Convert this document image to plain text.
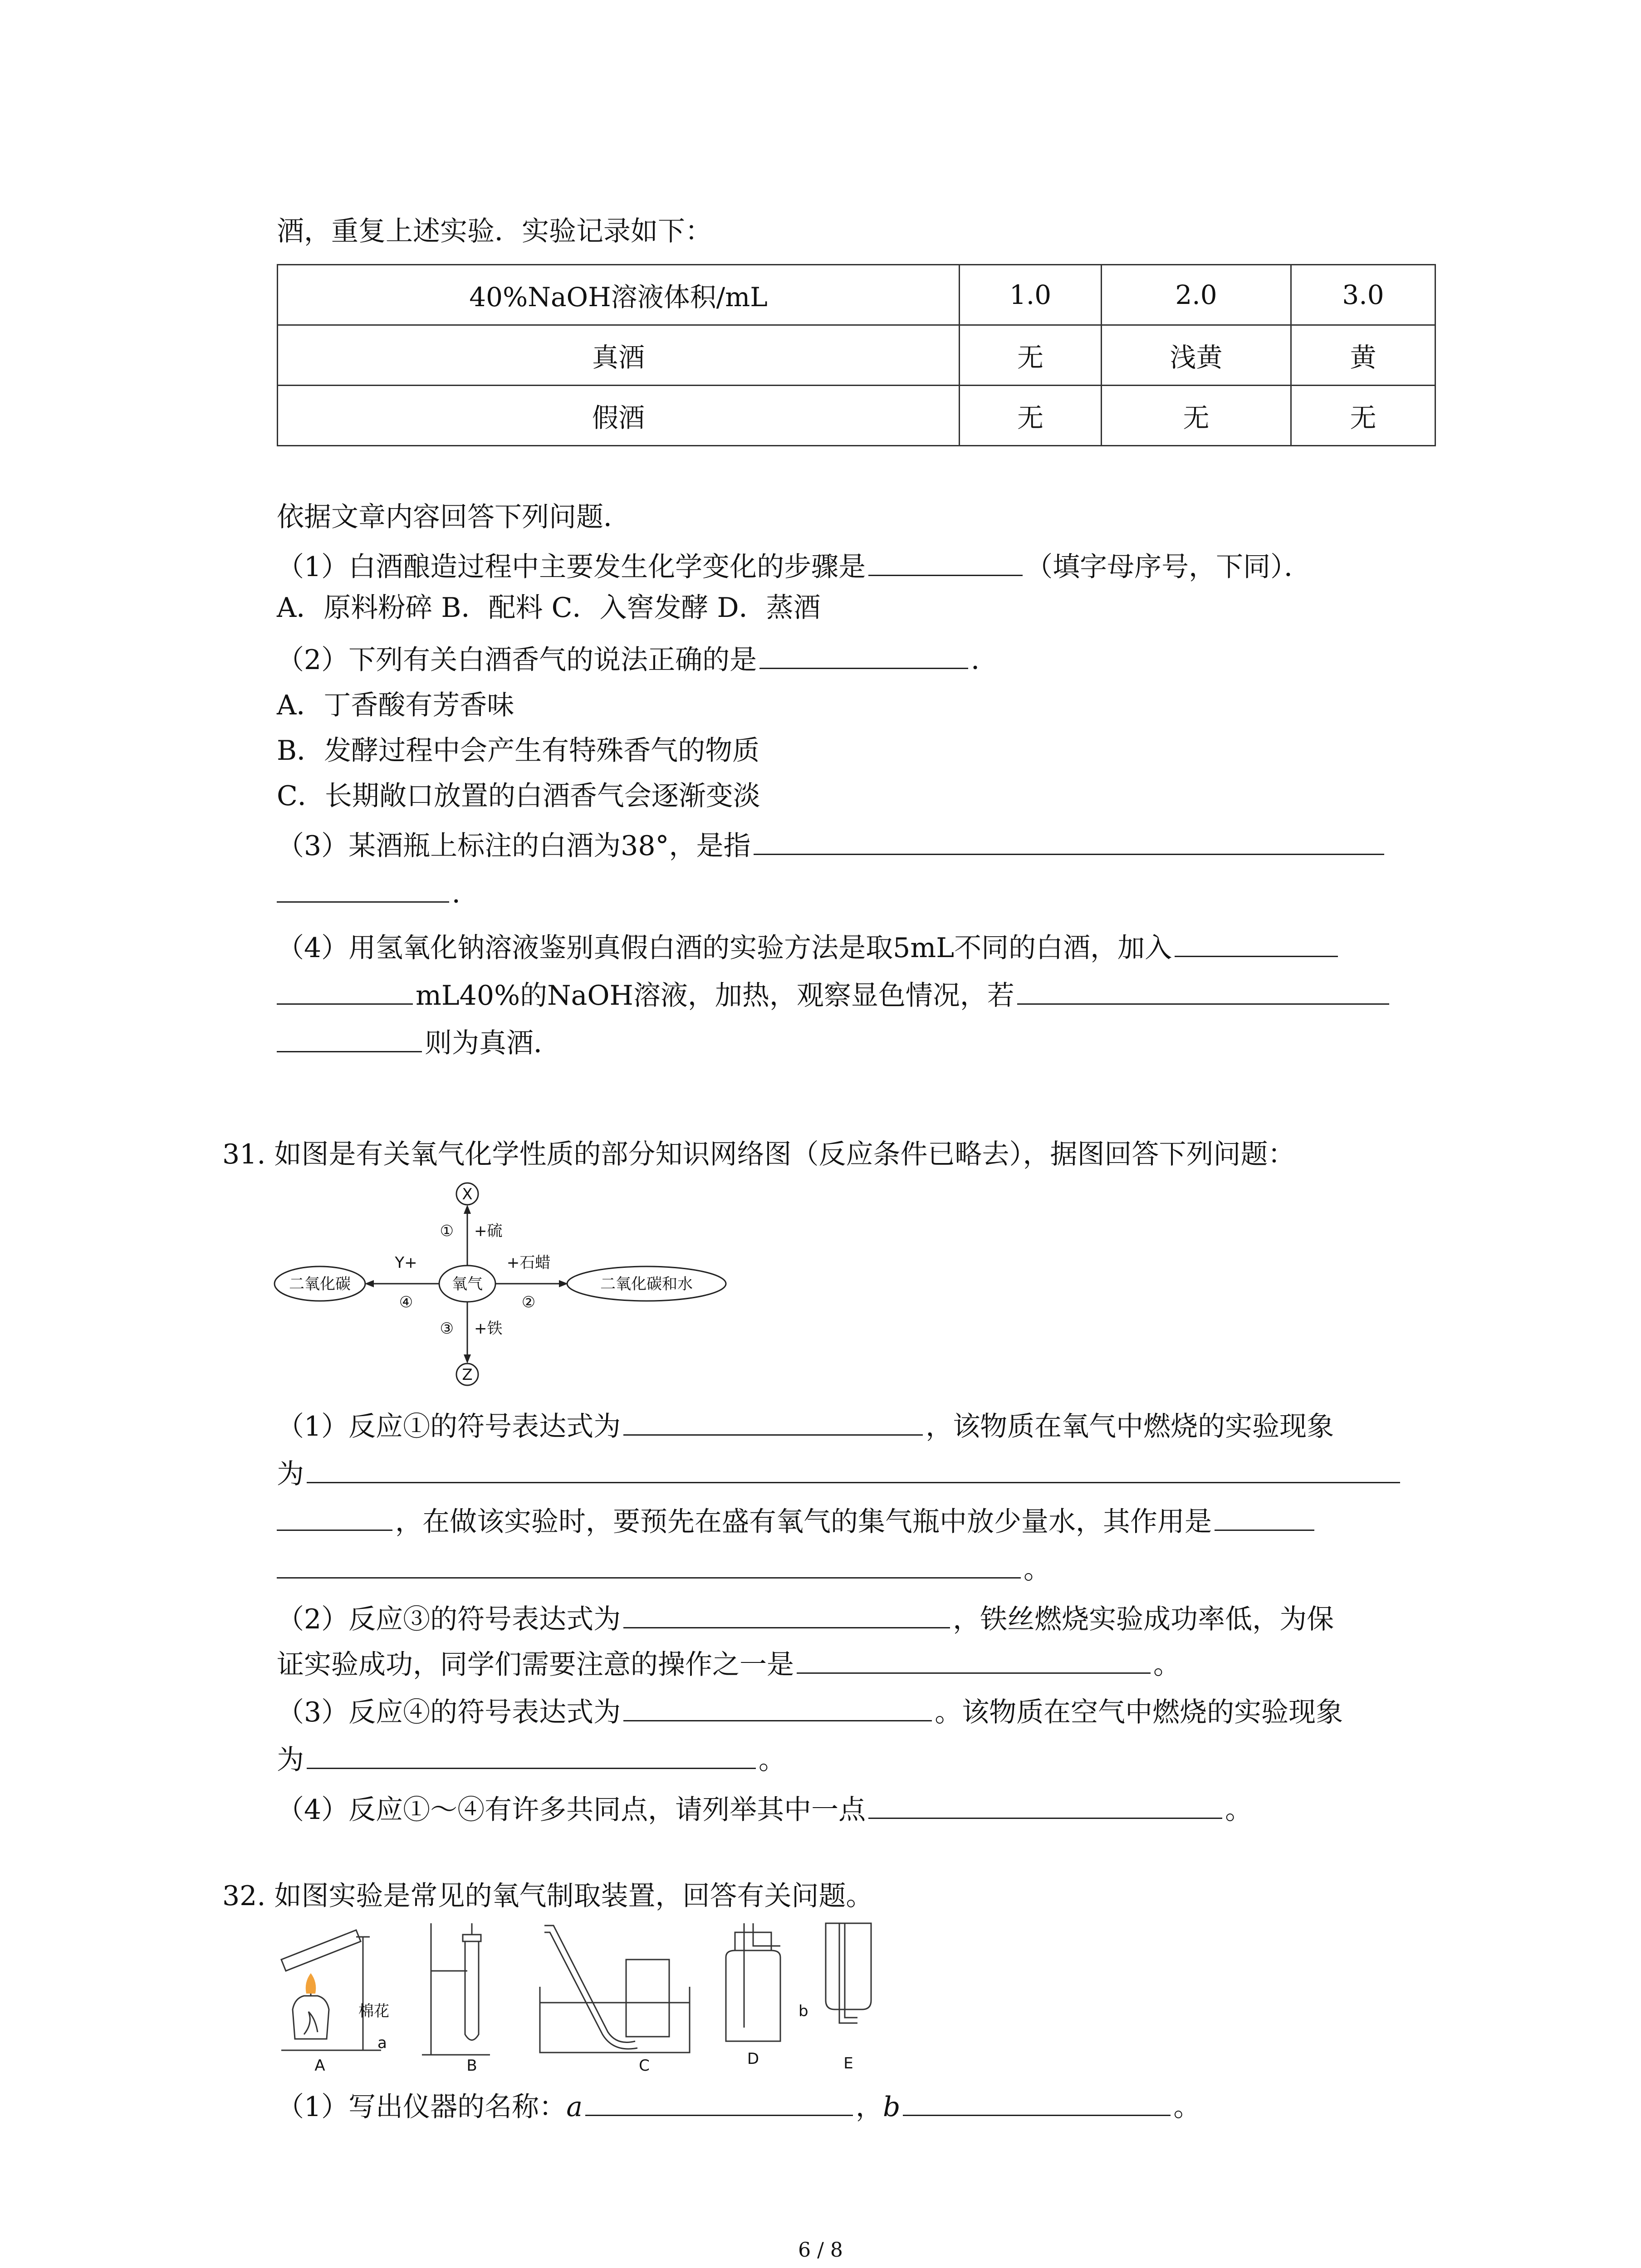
酒，重复上述实验．实验记录如下：
40%NaOH溶液体积/mL	1.0	2.0	3.0
真酒	无	浅黄	黄
假酒	无	无	无
依据文章内容回答下列问题．
（1）白酒酿造过程中主要发生化学变化的步骤是	（填字母序号，下同）．
A．原料粉碎 B．配料 C．入窖发酵 D．蒸酒
（2）下列有关白酒香气的说法正确的是	．
A．丁香酸有芳香味
B．发酵过程中会产生有特殊香气的物质
C．长期敞口放置的白酒香气会逐渐变淡
（3）某酒瓶上标注的白酒为38°，是指
．
（4）用氢氧化钠溶液鉴别真假白酒的实验方法是取5mL不同的白酒，加入
mL40%的NaOH溶液，加热，观察显色情况，若
则为真酒．
31. 如图是有关氧气化学性质的部分知识网络图（反应条件已略去），据图回答下列问题：
X
Z
氧气
二氧化碳	二氧化碳和水
① +硫
+石蜡
②
③ +铁
Y+
④
（1）反应①的符号表达式为	，该物质在氧气中燃烧的实验现象
为
，在做该实验时，要预先在盛有氧气的集气瓶中放少量水，其作用是
。
（2）反应③的符号表达式为	，铁丝燃烧实验成功率低，为保
证实验成功，同学们需要注意的操作之一是	。
（3）反应④的符号表达式为	。该物质在空气中燃烧的实验现象
为	。
（4）反应①～④有许多共同点，请列举其中一点	。
32. 如图实验是常见的氧气制取装置，回答有关问题。
棉花
a
b
A	B	C	D	E
（1）写出仪器的名称：a	，b	。
6 / 8
